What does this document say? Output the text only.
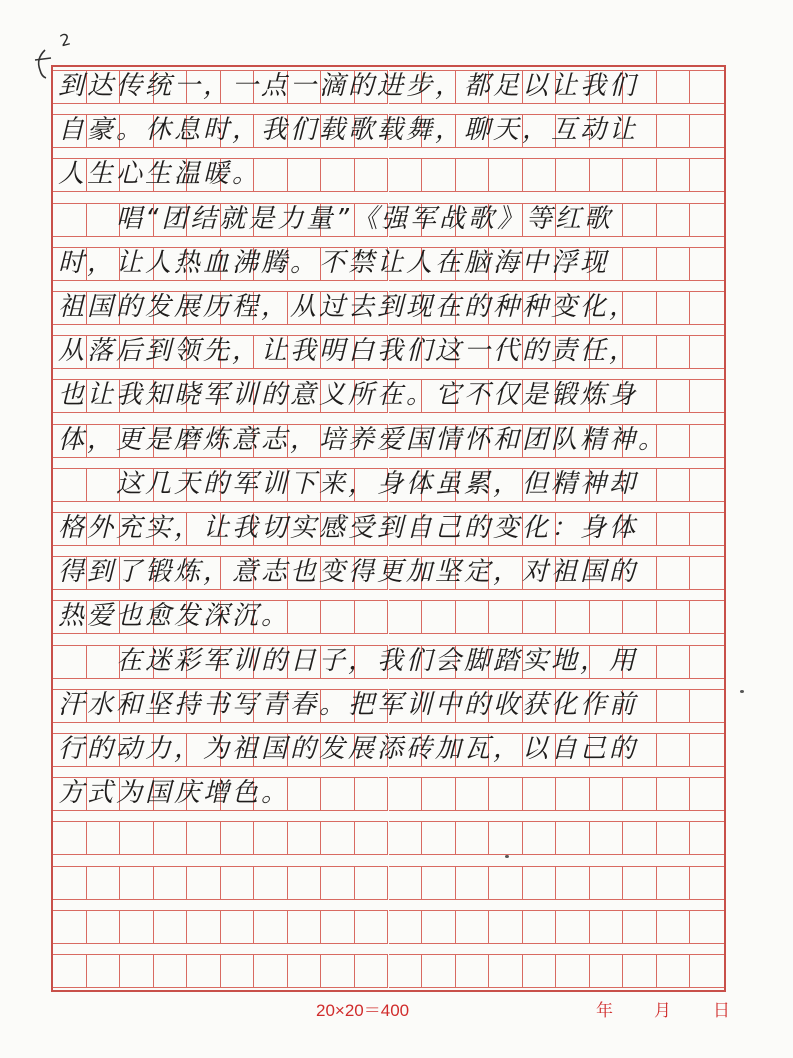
2
到达传统一，一点一滴的进步，都足以让我们
自豪。休息时，我们载歌载舞，聊天，互动让
人生心生温暖。
　　唱“团结就是力量”《强军战歌》等红歌
时，让人热血沸腾。不禁让人在脑海中浮现
祖国的发展历程，从过去到现在的种种变化，
从落后到领先，让我明白我们这一代的责任，
也让我知晓军训的意义所在。它不仅是锻炼身
体，更是磨炼意志，培养爱国情怀和团队精神。
　　这几天的军训下来，身体虽累，但精神却
格外充实，让我切实感受到自己的变化：身体
得到了锻炼，意志也变得更加坚定，对祖国的
热爱也愈发深沉。
　　在迷彩军训的日子，我们会脚踏实地，用
汗水和坚持书写青春。把军训中的收获化作前
行的动力，为祖国的发展添砖加瓦，以自己的
方式为国庆增色。
20×20＝400	年 月 日
